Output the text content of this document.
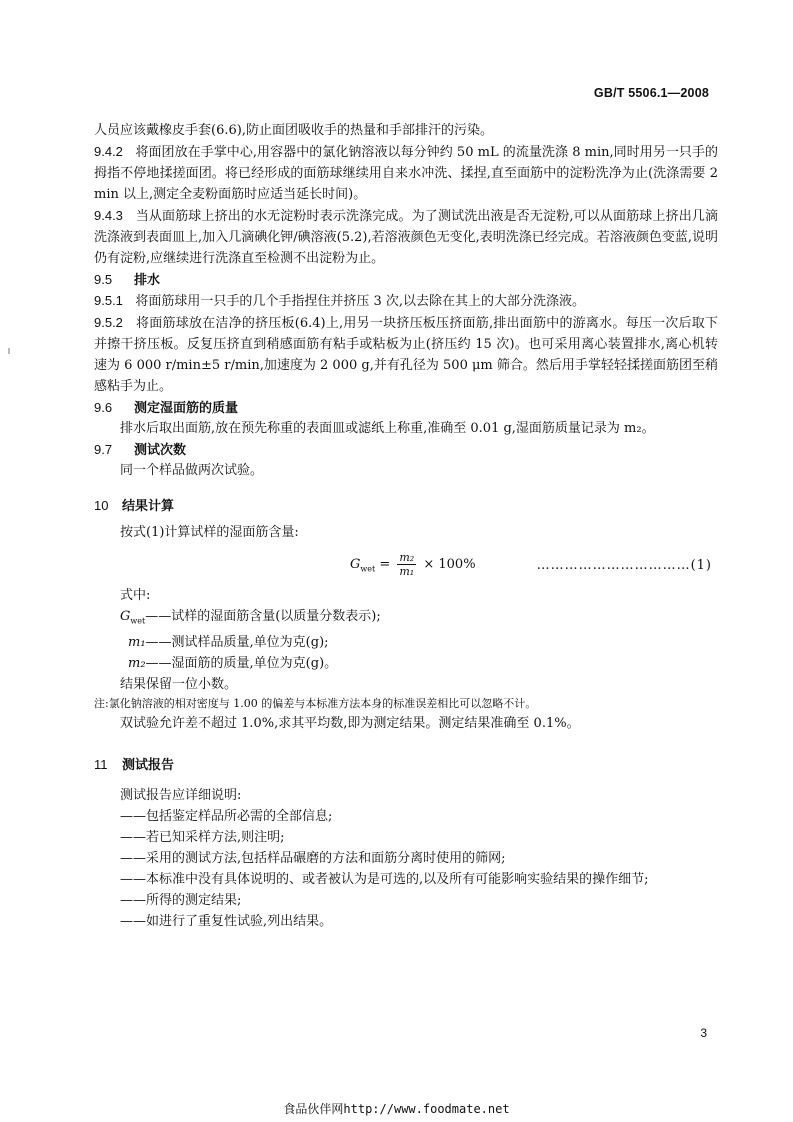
GB/T 5506.1—2008

人员应该戴橡皮手套(6.6),防止面团吸收手的热量和手部排汗的污染。

9.4.2 将面团放在手掌中心,用容器中的氯化钠溶液以每分钟约 50 mL 的流量洗涤 8 min,同时用另一只手的拇指不停地揉搓面团。将已经形成的面筋球继续用自来水冲洗、揉捏,直至面筋中的淀粉洗净为止(洗涤需要 2 min 以上,测定全麦粉面筋时应适当延长时间)。

9.4.3 当从面筋球上挤出的水无淀粉时表示洗涤完成。为了测试洗出液是否无淀粉,可以从面筋球上挤出几滴洗涤液到表面皿上,加入几滴碘化钾/碘溶液(5.2),若溶液颜色无变化,表明洗涤已经完成。若溶液颜色变蓝,说明仍有淀粉,应继续进行洗涤直至检测不出淀粉为止。

9.5 排水

9.5.1 将面筋球用一只手的几个手指捏住并挤压 3 次,以去除在其上的大部分洗涤液。

9.5.2 将面筋球放在洁净的挤压板(6.4)上,用另一块挤压板压挤面筋,排出面筋中的游离水。每压一次后取下并擦干挤压板。反复压挤直到稍感面筋有粘手或粘板为止(挤压约 15 次)。也可采用离心装置排水,离心机转速为 6 000 r/min±5 r/min,加速度为 2 000 g,并有孔径为 500 μm 筛合。然后用手掌轻轻揉搓面筋团至稍感粘手为止。

9.6 测定湿面筋的质量

排水后取出面筋,放在预先称重的表面皿或滤纸上称重,准确至 0.01 g,湿面筋质量记录为 m₂。

9.7 测试次数

同一个样品做两次试验。

10 结果计算

按式(1)计算试样的湿面筋含量:

$G_{wet} = \frac{\text{m₂}}{\text{m₁}} \times 100\%$	……………………………(1)

式中:

$G_{wet}——$试样的湿面筋含量(以质量分数表示);

m₁——测试样品质量,单位为克(g);

m₂——湿面筋的质量,单位为克(g)。

结果保留一位小数。

注:氯化钠溶液的相对密度与 1.00 的偏差与本标准方法本身的标准误差相比可以忽略不计。

双试验允许差不超过 1.0%,求其平均数,即为测定结果。测定结果准确至 0.1%。

11 测试报告

测试报告应详细说明:

——包括鉴定样品所必需的全部信息;

——若已知采样方法,则注明;

——采用的测试方法,包括样品碾磨的方法和面筋分离时使用的筛网;

——本标准中没有具体说明的、或者被认为是可选的,以及所有可能影响实验结果的操作细节;

——所得的测定结果;

——如进行了重复性试验,列出结果。

3
食品伙伴网http://www.foodmate.net
